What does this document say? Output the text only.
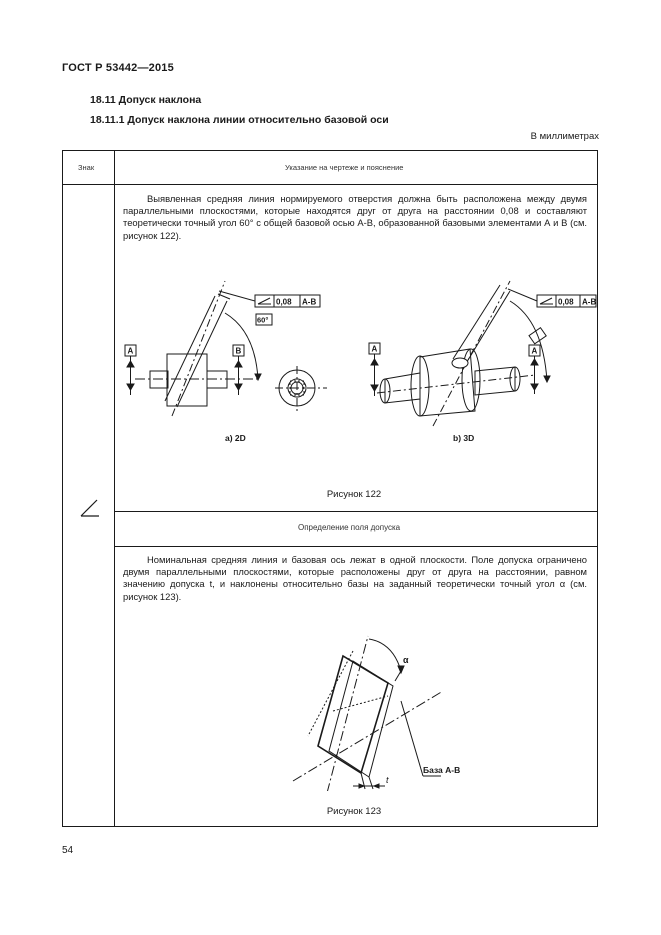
ГОСТ Р 53442—2015
18.11 Допуск наклона
18.11.1 Допуск наклона линии относительно базовой оси
В миллиметрах
Знак	Указание на чертеже и пояснение

Выявленная средняя линия нормируемого отверстия должна быть расположена между двумя параллельными плоскостями, которые находятся друг от друга на расстоянии 0,08 и составляют теоретически точный угол 60° с общей базовой осью А-В, образованной базовыми элементами А и В (см. рисунок 122).

A	B
0,08 A-B
60°
A
0,08 A-B
A
a) 2D	b) 3D
Рисунок 122
Определение поля допуска

Номинальная средняя линия и базовая ось лежат в одной плоскости. Поле допуска ограничено двумя параллельными плоскостями, которые расположены друг от друга на расстоянии, равном значению допуска t, и наклонены относительно базы на заданный теоретически точный угол α (см. рисунок 123).

α
База А-В
t
Рисунок 123
54
